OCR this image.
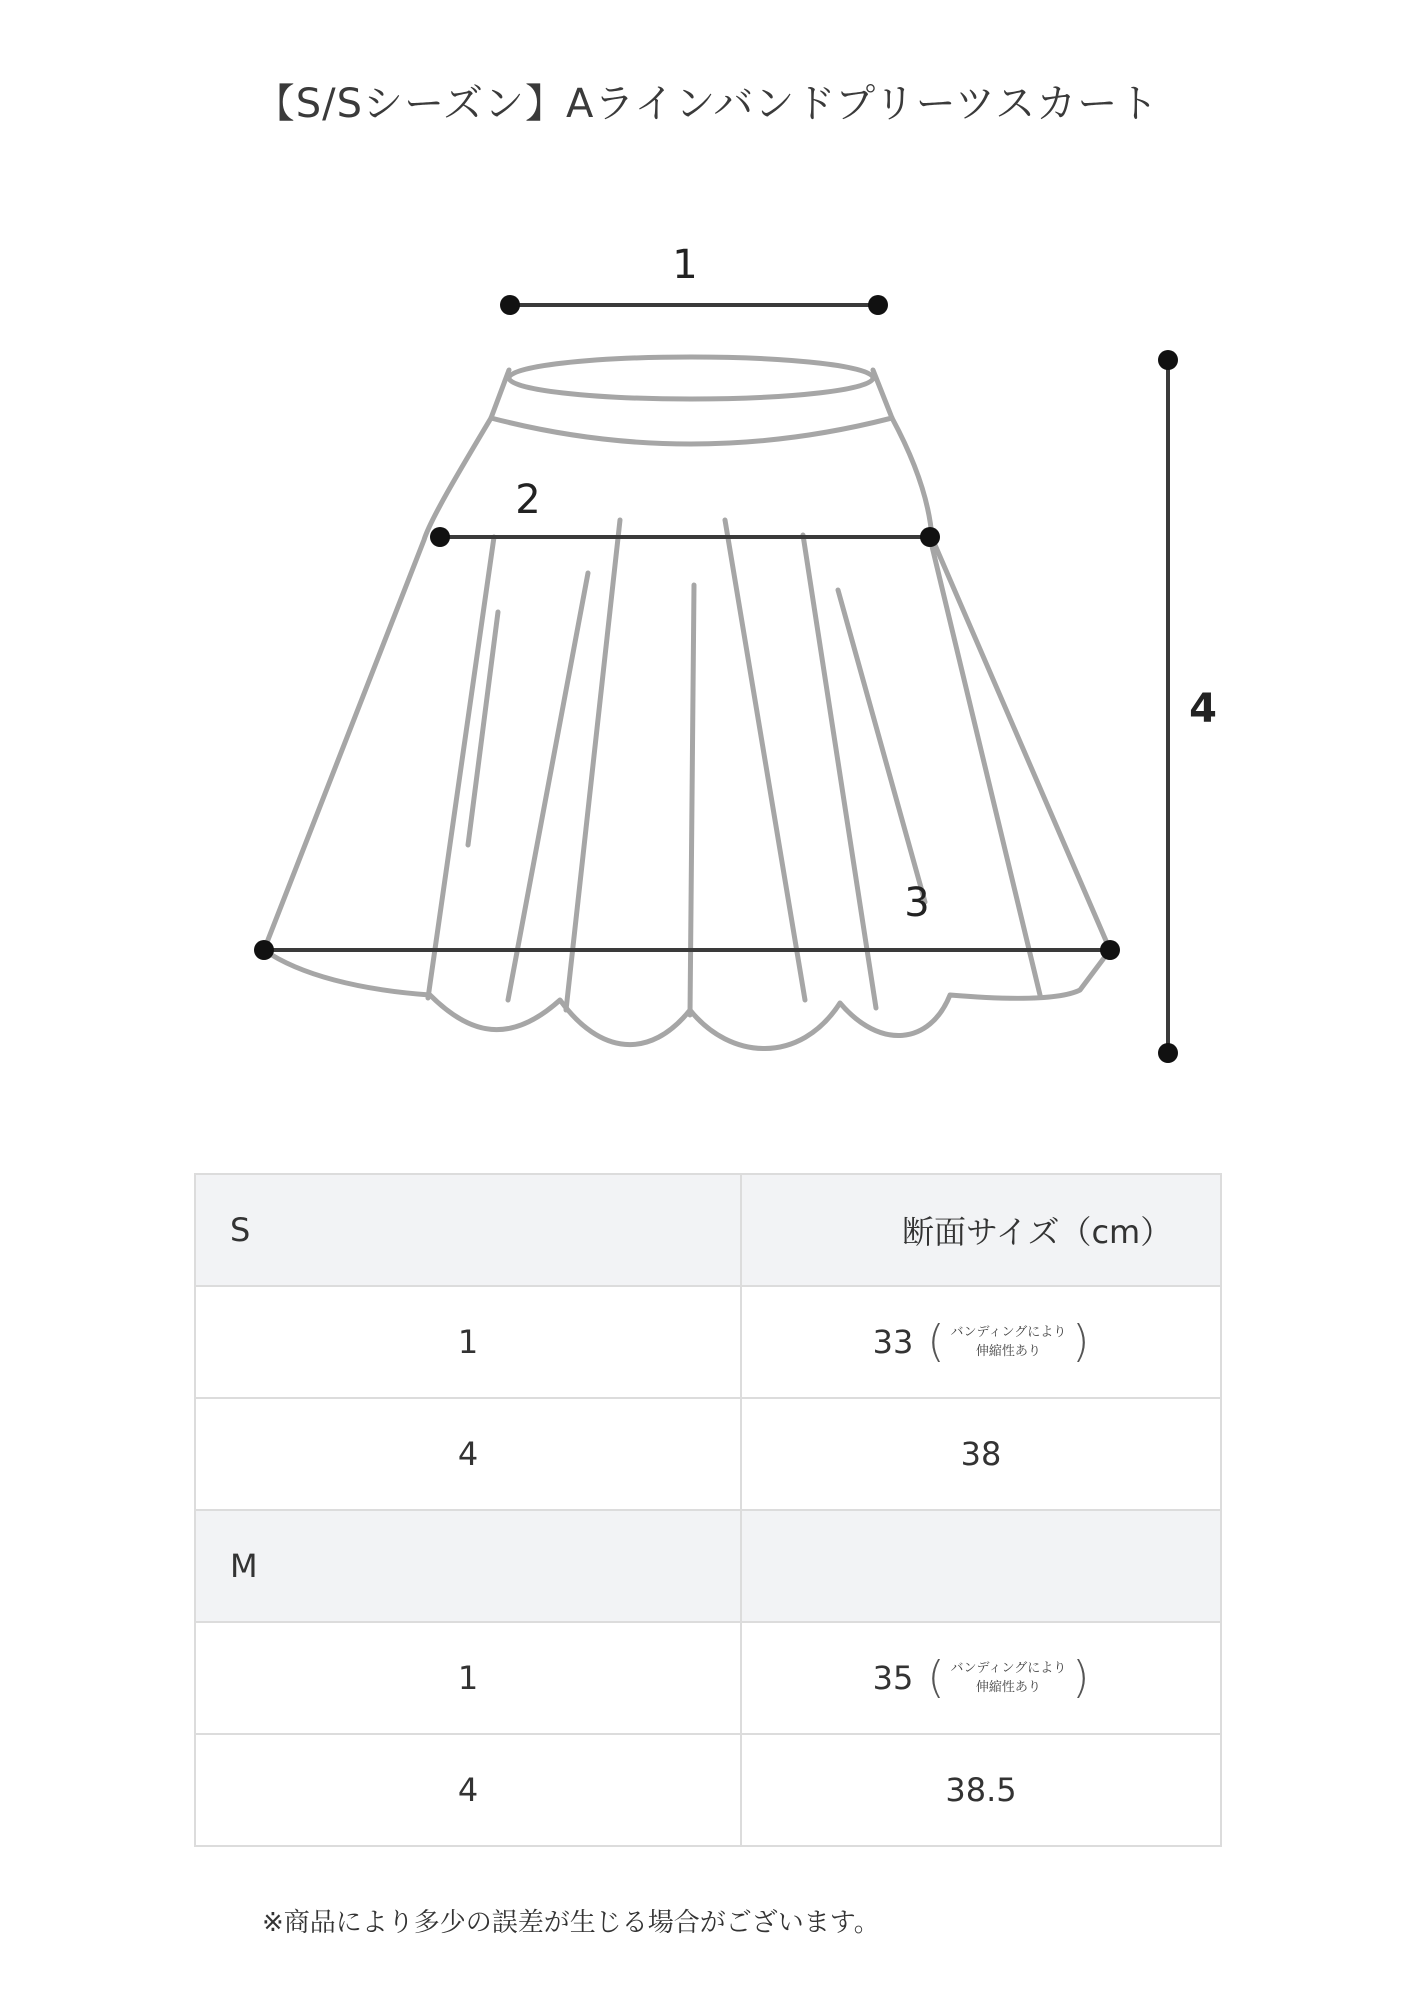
【S/Sシーズン】Aラインバンドプリーツスカート
1
2
3
4
S	断面サイズ（cm）
1	33 ( バンディングにより
伸縮性あり )

4	38
M	
1	35 ( バンディングにより
伸縮性あり )

4	38.5
※商品により多少の誤差が生じる場合がございます。
